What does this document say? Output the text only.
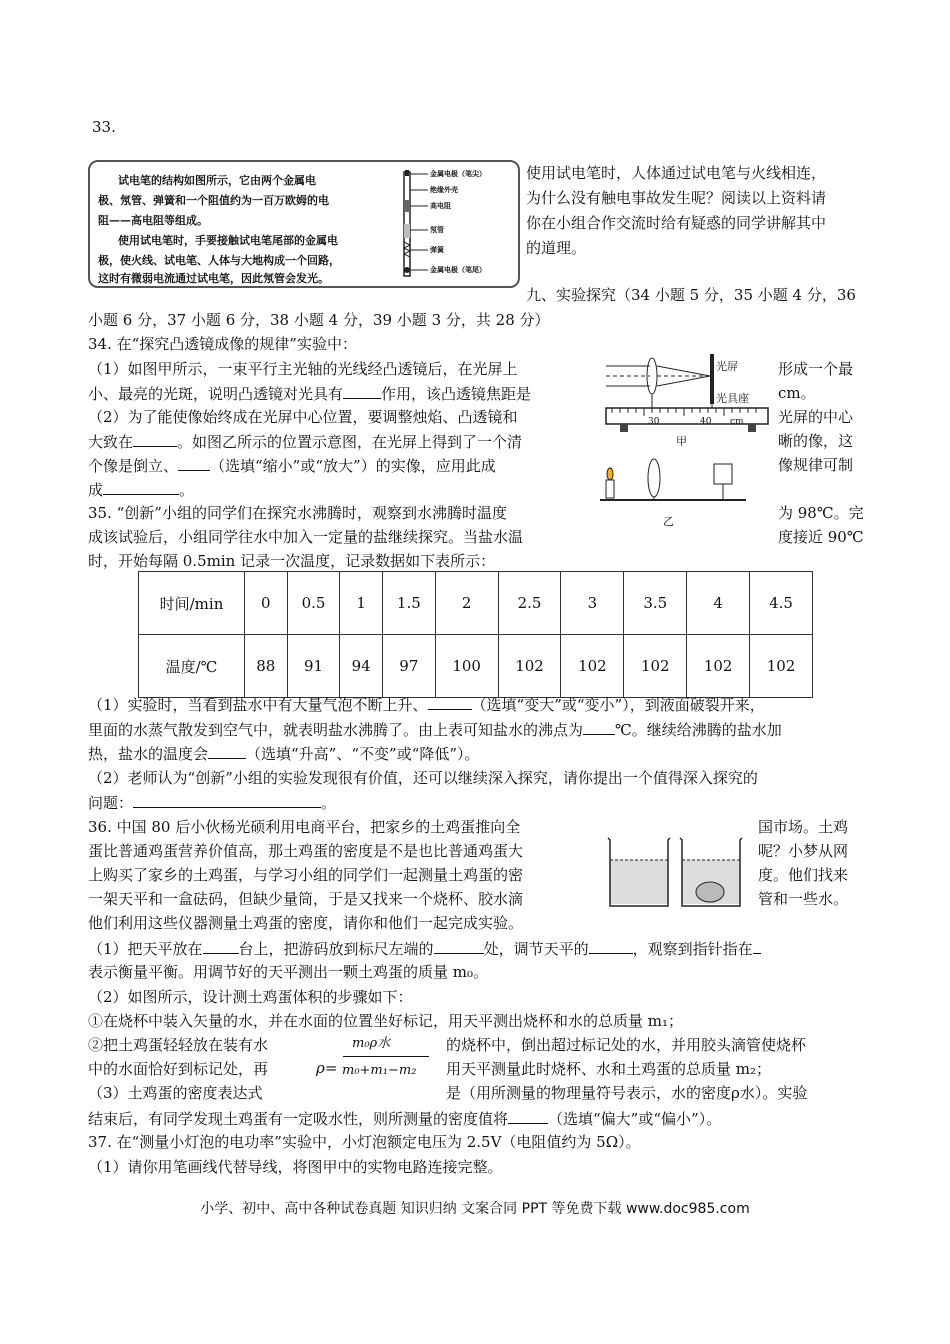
33.
试电笔的结构如图所示，它由两个金属电
极、氖管、弹簧和一个阻值约为一百万欧姆的电
阻——高电阻等组成。
使用试电笔时，手要接触试电笔尾部的金属电
极，使火线、试电笔、人体与大地构成一个回路，
这时有微弱电流通过试电笔，因此氖管会发光。
金属电极（笔尖）
绝缘外壳
高电阻
氖管
弹簧
金属电极（笔尾）
使用试电笔时，人体通过试电笔与火线相连，
为什么没有触电事故发生呢？阅读以上资料请
你在小组合作交流时给有疑惑的同学讲解其中
的道理。
九、实验探究（34 小题 5 分，35 小题 4 分，36
小题 6 分，37 小题 6 分，38 小题 4 分，39 小题 3 分，共 28 分）
34. 在“探究凸透镜成像的规律”实验中：
（1）如图甲所示，一束平行主光轴的光线经凸透镜后，在光屏上	形成一个最
小、最亮的光斑，说明凸透镜对光具有	作用，该凸透镜焦距是	cm。
（2）为了能使像始终成在光屏中心位置，要调整烛焰、凸透镜和	光屏的中心
大致在	。如图乙所示的位置示意图，在光屏上得到了一个清	晰的像，这
个像是倒立、 （选填“缩小”或“放大”）的实像，应用此成	像规律可制
成	。
光屏
光具座
30	40 cm
甲
乙
35. “创新”小组的同学们在探究水沸腾时，观察到水沸腾时温度	为 98℃。完
成该试验后，小组同学往水中加入一定量的盐继续探究。当盐水温	度接近 90℃
时，开始每隔 0.5min 记录一次温度，记录数据如下表所示：
时间/min	0	0.5	1	1.5	2	2.5	3	3.5	4	4.5
温度/℃	88	91	94	97	100	102	102	102	102	102
（1）实验时，当看到盐水中有大量气泡不断上升、	（选填“变大”或“变小”），到液面破裂开来，
里面的水蒸气散发到空气中，就表明盐水沸腾了。由上表可知盐水的沸点为 ℃。继续给沸腾的盐水加
热，盐水的温度会	（选填“升高”、“不变”或“降低”）。
（2）老师认为“创新”小组的实验发现很有价值，还可以继续深入探究，请你提出一个值得深入探究的
问题：	。
36. 中国 80 后小伙杨光硕利用电商平台，把家乡的土鸡蛋推向全	国市场。土鸡
蛋比普通鸡蛋营养价值高，那土鸡蛋的密度是不是也比普通鸡蛋大	呢？小梦从网
上购买了家乡的土鸡蛋，与学习小组的同学们一起测量土鸡蛋的密	度。他们找来
一架天平和一盒砝码，但缺少量筒，于是又找来一个烧杯、胶水滴	管和一些水。
他们利用这些仪器测量土鸡蛋的密度，请你和他们一起完成实验。
（1）把天平放在 台上，把游码放到标尺左端的	处，调节天平的	，观察到指针指在
表示衡量平衡。用调节好的天平测出一颗土鸡蛋的质量 m₀。
（2）如图所示，设计测土鸡蛋体积的步骤如下：
①在烧杯中装入矢量的水，并在水面的位置坐好标记，用天平测出烧杯和水的总质量 m₁；
②把土鸡蛋轻轻放在装有水	的烧杯中，倒出超过标记处的水，并用胶头滴管使烧杯
中的水面恰好到标记处，再	用天平测量此时烧杯、水和土鸡蛋的总质量 m₂；
（3）土鸡蛋的密度表达式	是（用所测量的物理量符号表示，水的密度ρ水）。实验
ρ=
m₀ρ水
m₀+m₁−m₂
结束后，有同学发现土鸡蛋有一定吸水性，则所测量的密度值将	（选填“偏大”或“偏小”）。
37. 在“测量小灯泡的电功率”实验中，小灯泡额定电压为 2.5V（电阻值约为 5Ω）。
（1）请你用笔画线代替导线，将图甲中的实物电路连接完整。
小学、初中、高中各种试卷真题 知识归纳 文案合同 PPT 等免费下载 www.doc985.com
